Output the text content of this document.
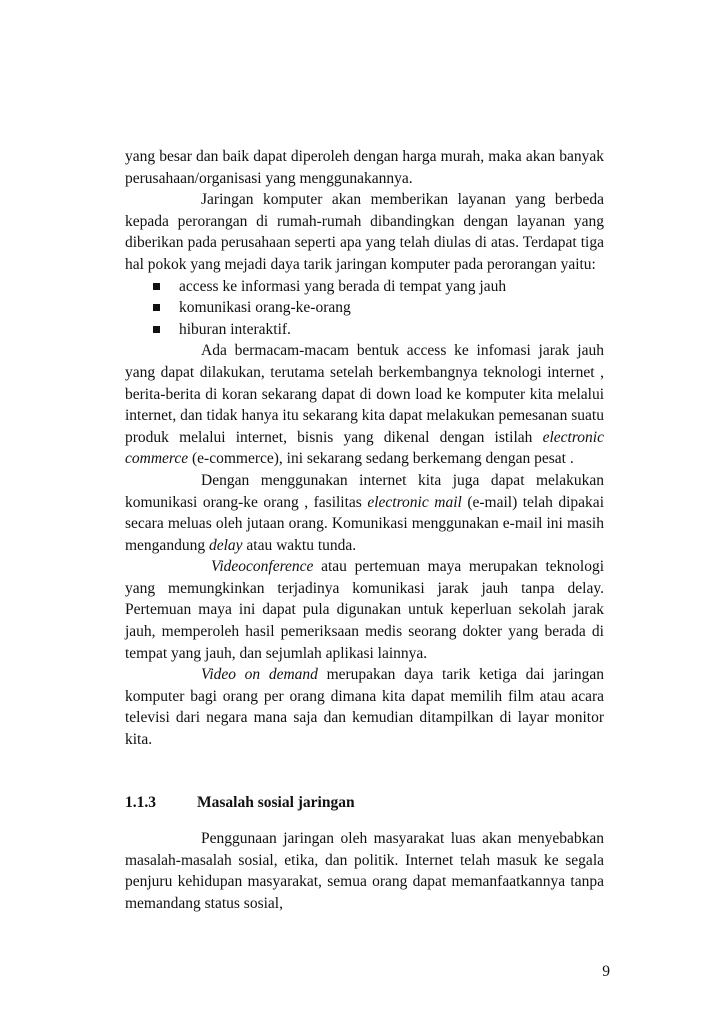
yang besar dan baik dapat diperoleh dengan harga murah, maka akan banyak perusahaan/organisasi yang menggunakannya.

Jaringan komputer akan memberikan layanan yang berbeda kepada perorangan di rumah-rumah dibandingkan dengan layanan yang diberikan pada perusahaan seperti apa yang telah diulas di atas. Terdapat tiga hal pokok yang mejadi daya tarik jaringan komputer pada perorangan yaitu:

access ke informasi yang berada di tempat yang jauh
komunikasi orang-ke-orang
hiburan interaktif.

Ada bermacam-macam bentuk access ke infomasi jarak jauh yang dapat dilakukan, terutama setelah berkembangnya teknologi internet , berita-berita di koran sekarang dapat di down load ke komputer kita melalui internet, dan tidak hanya itu sekarang kita dapat melakukan pemesanan suatu produk melalui internet, bisnis yang dikenal dengan istilah electronic commerce (e-commerce), ini sekarang sedang berkemang dengan pesat .

Dengan menggunakan internet kita juga dapat melakukan komunikasi orang-ke orang , fasilitas electronic mail (e-mail) telah dipakai secara meluas oleh jutaan orang. Komunikasi menggunakan e-mail ini masih mengandung delay atau waktu tunda.

Videoconference atau pertemuan maya merupakan teknologi yang memungkinkan terjadinya komunikasi jarak jauh tanpa delay. Pertemuan maya ini dapat pula digunakan untuk keperluan sekolah jarak jauh, memperoleh hasil pemeriksaan medis seorang dokter yang berada di tempat yang jauh, dan sejumlah aplikasi lainnya.

Video on demand merupakan daya tarik ketiga dai jaringan komputer bagi orang per orang dimana kita dapat memilih film atau acara televisi dari negara mana saja dan kemudian ditampilkan di layar monitor kita.

1.1.3	Masalah sosial jaringan

Penggunaan jaringan oleh masyarakat luas akan menyebabkan masalah-masalah sosial, etika, dan politik. Internet telah masuk ke segala penjuru kehidupan masyarakat, semua orang dapat memanfaatkannya tanpa memandang status sosial,

9
